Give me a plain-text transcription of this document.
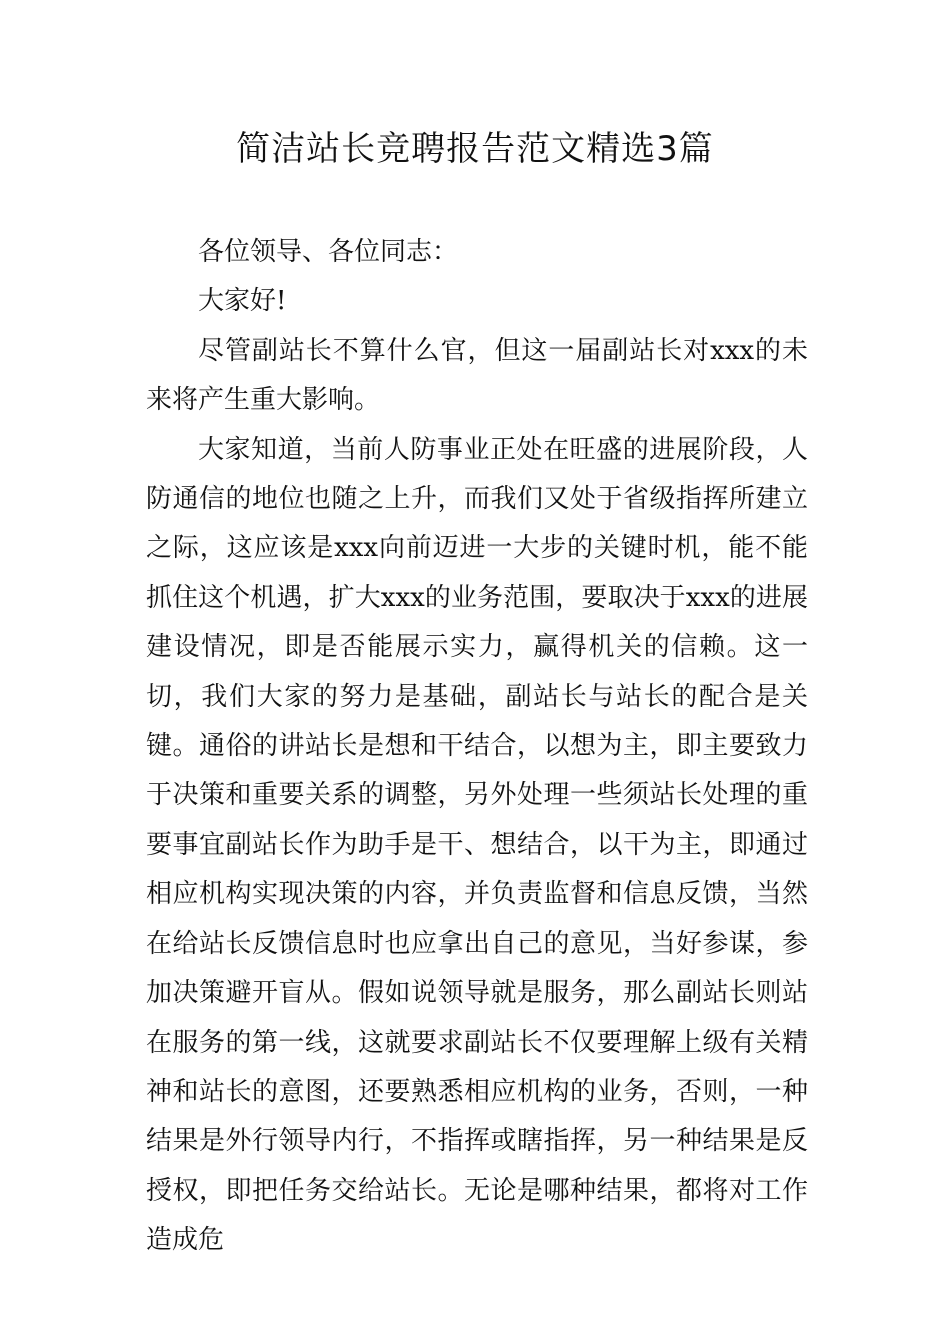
简洁站长竞聘报告范文精选3篇

各位领导、各位同志：

大家好!

尽管副站长不算什么官，但这一届副站长对xxx的未来将产生重大影响。

大家知道，当前人防事业正处在旺盛的进展阶段，人防通信的地位也随之上升，而我们又处于省级指挥所建立之际，这应该是xxx向前迈进一大步的关键时机，能不能抓住这个机遇，扩大xxx的业务范围，要取决于xxx的进展建设情况，即是否能展示实力，赢得机关的信赖。这一切，我们大家的努力是基础，副站长与站长的配合是关键。通俗的讲站长是想和干结合，以想为主，即主要致力于决策和重要关系的调整，另外处理一些须站长处理的重要事宜副站长作为助手是干、想结合，以干为主，即通过相应机构实现决策的内容，并负责监督和信息反馈，当然在给站长反馈信息时也应拿出自己的意见，当好参谋，参加决策避开盲从。假如说领导就是服务，那么副站长则站在服务的第一线，这就要求副站长不仅要理解上级有关精神和站长的意图，还要熟悉相应机构的业务，否则，一种结果是外行领导内行，不指挥或瞎指挥，另一种结果是反授权，即把任务交给站长。无论是哪种结果，都将对工作造成危
